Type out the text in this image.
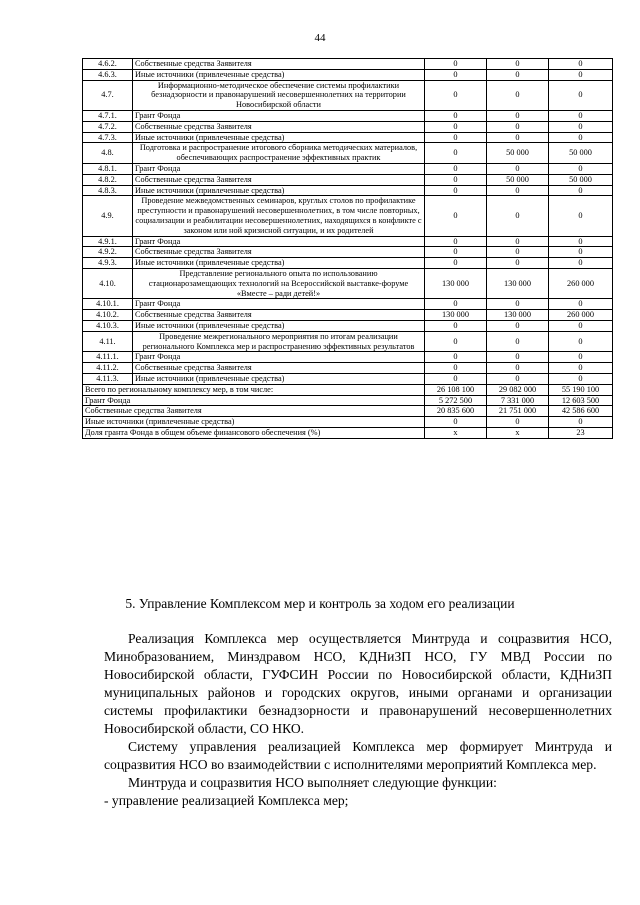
44
4.6.2.	Собственные средства Заявителя	0	0	0
4.6.3.	Иные источники (привлеченные средства)	0	0	0
4.7.	Информационно-методическое обеспечение системы профилактики безнадзорности и правонарушений несовершеннолетних на территории Новосибирской области	0	0	0
4.7.1.	Грант Фонда	0	0	0
4.7.2.	Собственные средства Заявителя	0	0	0
4.7.3.	Иные источники (привлеченные средства)	0	0	0
4.8.	Подготовка и распространение итогового сборника методических материалов, обеспечивающих распространение эффективных практик	0	50 000	50 000
4.8.1.	Грант Фонда	0	0	0
4.8.2.	Собственные средства Заявителя	0	50 000	50 000
4.8.3.	Иные источники (привлеченные средства)	0	0	0
4.9.	Проведение межведомственных семинаров, круглых столов по профилактике преступности и правонарушений несовершеннолетних, в том числе повторных, социализации и реабилитации несовершеннолетних, находящихся в конфликте с законом или ной кризисной ситуации, и их родителей	0	0	0
4.9.1.	Грант Фонда	0	0	0
4.9.2.	Собственные средства Заявителя	0	0	0
4.9.3.	Иные источники (привлеченные средства)	0	0	0
4.10.	Представление регионального опыта по использованию стационарозамещающих технологий на Всероссийской выставке-форуме «Вместе – ради детей!»	130 000	130 000	260 000
4.10.1.	Грант Фонда	0	0	0
4.10.2.	Собственные средства Заявителя	130 000	130 000	260 000
4.10.3.	Иные источники (привлеченные средства)	0	0	0
4.11.	Проведение межрегионального мероприятия по итогам реализации регионального Комплекса мер и распространению эффективных результатов	0	0	0
4.11.1.	Грант Фонда	0	0	0
4.11.2.	Собственные средства Заявителя	0	0	0
4.11.3.	Иные источники (привлеченные средства)	0	0	0
Всего по региональному комплексу мер, в том числе:		26 108 100	29 082 000	55 190 100
Грант Фонда		5 272 500	7 331 000	12 603 500
Собственные средства Заявителя		20 835 600	21 751 000	42 586 600
Иные источники (привлеченные средства)		0	0	0
Доля гранта Фонда в общем объеме финансового обеспечения (%)		х	х	23
5. Управление Комплексом мер и контроль за ходом его реализации

Реализация Комплекса мер осуществляется Минтруда и соцразвития НСО, Минобразованием, Минздравом НСО, КДНиЗП НСО, ГУ МВД России по Новосибирской области, ГУФСИН России по Новосибирской области, КДНиЗП муниципальных районов и городских округов, иными органами и организации системы профилактики безнадзорности и правонарушений несовершеннолетних Новосибирской области, СО НКО.

Систему управления реализацией Комплекса мер формирует Минтруда и соцразвития НСО во взаимодействии с исполнителями мероприятий Комплекса мер.

Минтруда и соцразвития НСО выполняет следующие функции:

- управление реализацией Комплекса мер;
